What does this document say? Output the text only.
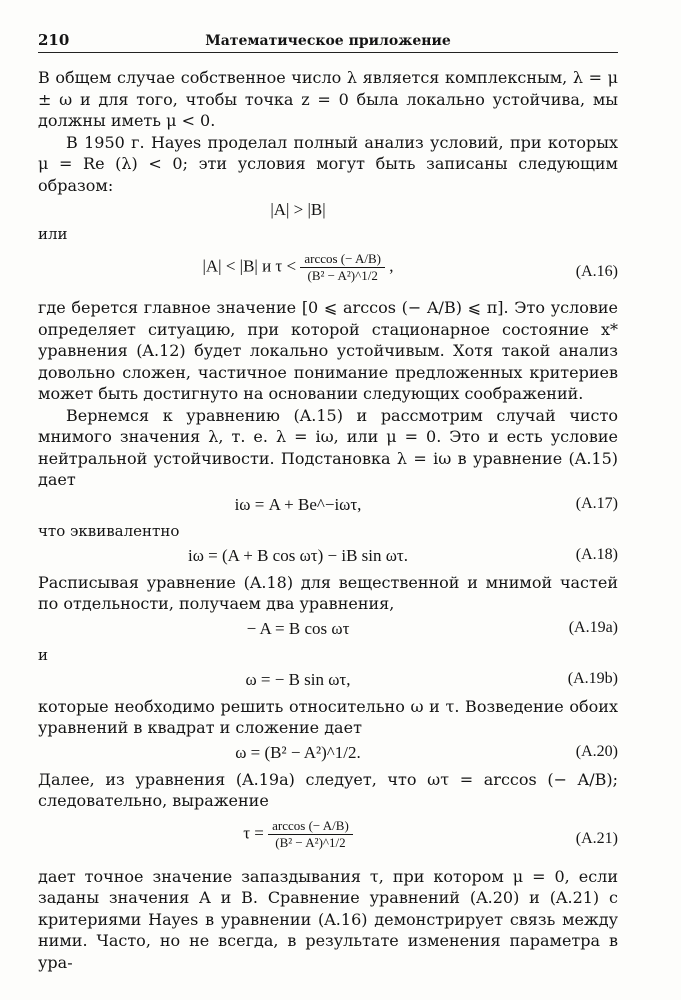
210	Математическое приложение

В общем случае собственное число λ является комплексным, λ = μ ± ω и для того, чтобы точка z = 0 была локально устойчива, мы должны иметь μ < 0.

В 1950 г. Hayes проделал полный анализ условий, при которых μ = Re (λ) < 0; эти условия могут быть записаны следующим образом:

|A| > |B|

или

|A| < |B| и $\tau < \frac{\arccos (- A/B)}{\text{(B² − A²)\textasciicircum{}1/2}}$ ,	(A.16)

где берется главное значение [0 ⩽ arccos (− A/B) ⩽ π]. Это условие определяет ситуацию, при которой стационарное состояние x* уравнения (A.12) будет локально устойчивым. Хотя такой анализ довольно сложен, частичное понимание предложенных критериев может быть достигнуто на основании следующих соображений.

Вернемся к уравнению (A.15) и рассмотрим случай чисто мнимого значения λ, т. е. λ = iω, или μ = 0. Это и есть условие нейтральной устойчивости. Подстановка λ = iω в уравнение (A.15) дает

iω = A + Be^−iωτ,	(A.17)

что эквивалентно

iω = (A + B cos ωτ) − iB sin ωτ.	(A.18)

Расписывая уравнение (A.18) для вещественной и мнимой частей по отдельности, получаем два уравнения,

− A = B cos ωτ	(A.19a)

и

ω = − B sin ωτ,	(A.19b)

которые необходимо решить относительно ω и τ. Возведение обоих уравнений в квадрат и сложение дает

ω = (B² − A²)^1/2.	(A.20)

Далее, из уравнения (A.19a) следует, что ωτ = arccos (− A/B); следовательно, выражение

$\tau = \frac{\arccos (- A/B)}{\text{(B² − A²)\textasciicircum{}1/2}}$	(A.21)

дает точное значение запаздывания τ, при котором μ = 0, если заданы значения A и B. Сравнение уравнений (A.20) и (A.21) с критериями Hayes в уравнении (A.16) демонстрирует связь между ними. Часто, но не всегда, в результате изменения параметра в ура-
